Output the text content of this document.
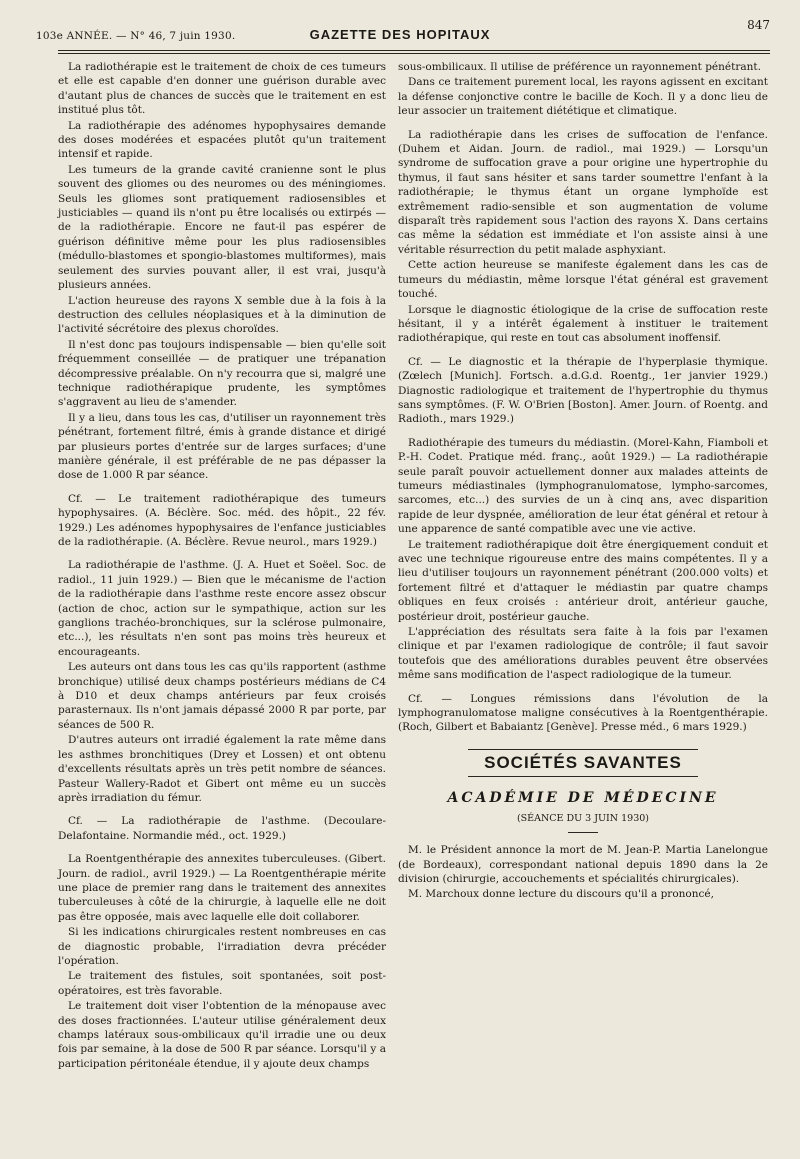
103e ANNÉE. — N° 46, 7 juin 1930.	GAZETTE DES HOPITAUX
847

La radiothérapie est le traitement de choix de ces tumeurs et elle est capable d'en donner une guérison durable avec d'autant plus de chances de succès que le traitement en est institué plus tôt.

La radiothérapie des adénomes hypophysaires demande des doses modérées et espacées plutôt qu'un traitement intensif et rapide.

Les tumeurs de la grande cavité cranienne sont le plus souvent des gliomes ou des neuromes ou des méningiomes. Seuls les gliomes sont pratiquement radiosensibles et justiciables — quand ils n'ont pu être localisés ou extirpés — de la radiothérapie. Encore ne faut-il pas espérer de guérison définitive même pour les plus radiosensibles (médullo-blastomes et spongio-blastomes multiformes), mais seulement des survies pouvant aller, il est vrai, jusqu'à plusieurs années.

L'action heureuse des rayons X semble due à la fois à la destruction des cellules néoplasiques et à la diminution de l'activité sécrétoire des plexus choroïdes.

Il n'est donc pas toujours indispensable — bien qu'elle soit fréquemment conseillée — de pratiquer une trépanation décompressive préalable. On n'y recourra que si, malgré une technique radiothérapique prudente, les symptômes s'aggravent au lieu de s'amender.

Il y a lieu, dans tous les cas, d'utiliser un rayonnement très pénétrant, fortement filtré, émis à grande distance et dirigé par plusieurs portes d'entrée sur de larges surfaces; d'une manière générale, il est préférable de ne pas dépasser la dose de 1.000 R par séance.

Cf. — Le traitement radiothérapique des tumeurs hypophysaires. (A. Béclère. Soc. méd. des hôpit., 22 fév. 1929.) Les adénomes hypophysaires de l'enfance justiciables de la radiothérapie. (A. Béclère. Revue neurol., mars 1929.)

La radiothérapie de l'asthme. (J. A. Huet et Soëel. Soc. de radiol., 11 juin 1929.) — Bien que le mécanisme de l'action de la radiothérapie dans l'asthme reste encore assez obscur (action de choc, action sur le sympathique, action sur les ganglions trachéo-bronchiques, sur la sclérose pulmonaire, etc...), les résultats n'en sont pas moins très heureux et encourageants.

Les auteurs ont dans tous les cas qu'ils rapportent (asthme bronchique) utilisé deux champs postérieurs médians de C4 à D10 et deux champs antérieurs par feux croisés parasternaux. Ils n'ont jamais dépassé 2000 R par porte, par séances de 500 R.

D'autres auteurs ont irradié également la rate même dans les asthmes bronchitiques (Drey et Lossen) et ont obtenu d'excellents résultats après un très petit nombre de séances. Pasteur Wallery-Radot et Gibert ont même eu un succès après irradiation du fémur.

Cf. — La radiothérapie de l'asthme. (Decoulare-Delafontaine. Normandie méd., oct. 1929.)

La Roentgenthérapie des annexites tuberculeuses. (Gibert. Journ. de radiol., avril 1929.) — La Roentgenthérapie mérite une place de premier rang dans le traitement des annexites tuberculeuses à côté de la chirurgie, à laquelle elle ne doit pas être opposée, mais avec laquelle elle doit collaborer.

Si les indications chirurgicales restent nombreuses en cas de diagnostic probable, l'irradiation devra précéder l'opération.

Le traitement des fistules, soit spontanées, soit post-opératoires, est très favorable.

Le traitement doit viser l'obtention de la ménopause avec des doses fractionnées. L'auteur utilise généralement deux champs latéraux sous-ombilicaux qu'il irradie une ou deux fois par semaine, à la dose de 500 R par séance. Lorsqu'il y a participation péritonéale étendue, il y ajoute deux champs

sous-ombilicaux. Il utilise de préférence un rayonnement pénétrant.

Dans ce traitement purement local, les rayons agissent en excitant la défense conjonctive contre le bacille de Koch. Il y a donc lieu de leur associer un traitement diététique et climatique.

La radiothérapie dans les crises de suffocation de l'enfance. (Duhem et Aidan. Journ. de radiol., mai 1929.) — Lorsqu'un syndrome de suffocation grave a pour origine une hypertrophie du thymus, il faut sans hésiter et sans tarder soumettre l'enfant à la radiothérapie; le thymus étant un organe lymphoïde est extrêmement radio-sensible et son augmentation de volume disparaît très rapidement sous l'action des rayons X. Dans certains cas même la sédation est immédiate et l'on assiste ainsi à une véritable résurrection du petit malade asphyxiant.

Cette action heureuse se manifeste également dans les cas de tumeurs du médiastin, même lorsque l'état général est gravement touché.

Lorsque le diagnostic étiologique de la crise de suffocation reste hésitant, il y a intérêt également à instituer le traitement radiothérapique, qui reste en tout cas absolument inoffensif.

Cf. — Le diagnostic et la thérapie de l'hyperplasie thymique. (Zœlech [Munich]. Fortsch. a.d.G.d. Roentg., 1er janvier 1929.) Diagnostic radiologique et traitement de l'hypertrophie du thymus sans symptômes. (F. W. O'Brien [Boston]. Amer. Journ. of Roentg. and Radioth., mars 1929.)

Radiothérapie des tumeurs du médiastin. (Morel-Kahn, Fiamboli et P.-H. Codet. Pratique méd. franç., août 1929.) — La radiothérapie seule paraît pouvoir actuellement donner aux malades atteints de tumeurs médiastinales (lymphogranulomatose, lympho-sarcomes, sarcomes, etc...) des survies de un à cinq ans, avec disparition rapide de leur dyspnée, amélioration de leur état général et retour à une apparence de santé compatible avec une vie active.

Le traitement radiothérapique doit être énergiquement conduit et avec une technique rigoureuse entre des mains compétentes. Il y a lieu d'utiliser toujours un rayonnement pénétrant (200.000 volts) et fortement filtré et d'attaquer le médiastin par quatre champs obliques en feux croisés : antérieur droit, antérieur gauche, postérieur droit, postérieur gauche.

L'appréciation des résultats sera faite à la fois par l'examen clinique et par l'examen radiologique de contrôle; il faut savoir toutefois que des améliorations durables peuvent être observées même sans modification de l'aspect radiologique de la tumeur.

Cf. — Longues rémissions dans l'évolution de la lymphogranulomatose maligne consécutives à la Roentgenthérapie. (Roch, Gilbert et Babaiantz [Genève]. Presse méd., 6 mars 1929.)

SOCIÉTÉS SAVANTES
ACADÉMIE DE MÉDECINE
(SÉANCE DU 3 JUIN 1930)

M. le Président annonce la mort de M. Jean-P. Martia Lanelongue (de Bordeaux), correspondant national depuis 1890 dans la 2e division (chirurgie, accouchements et spécialités chirurgicales).

M. Marchoux donne lecture du discours qu'il a prononcé,
